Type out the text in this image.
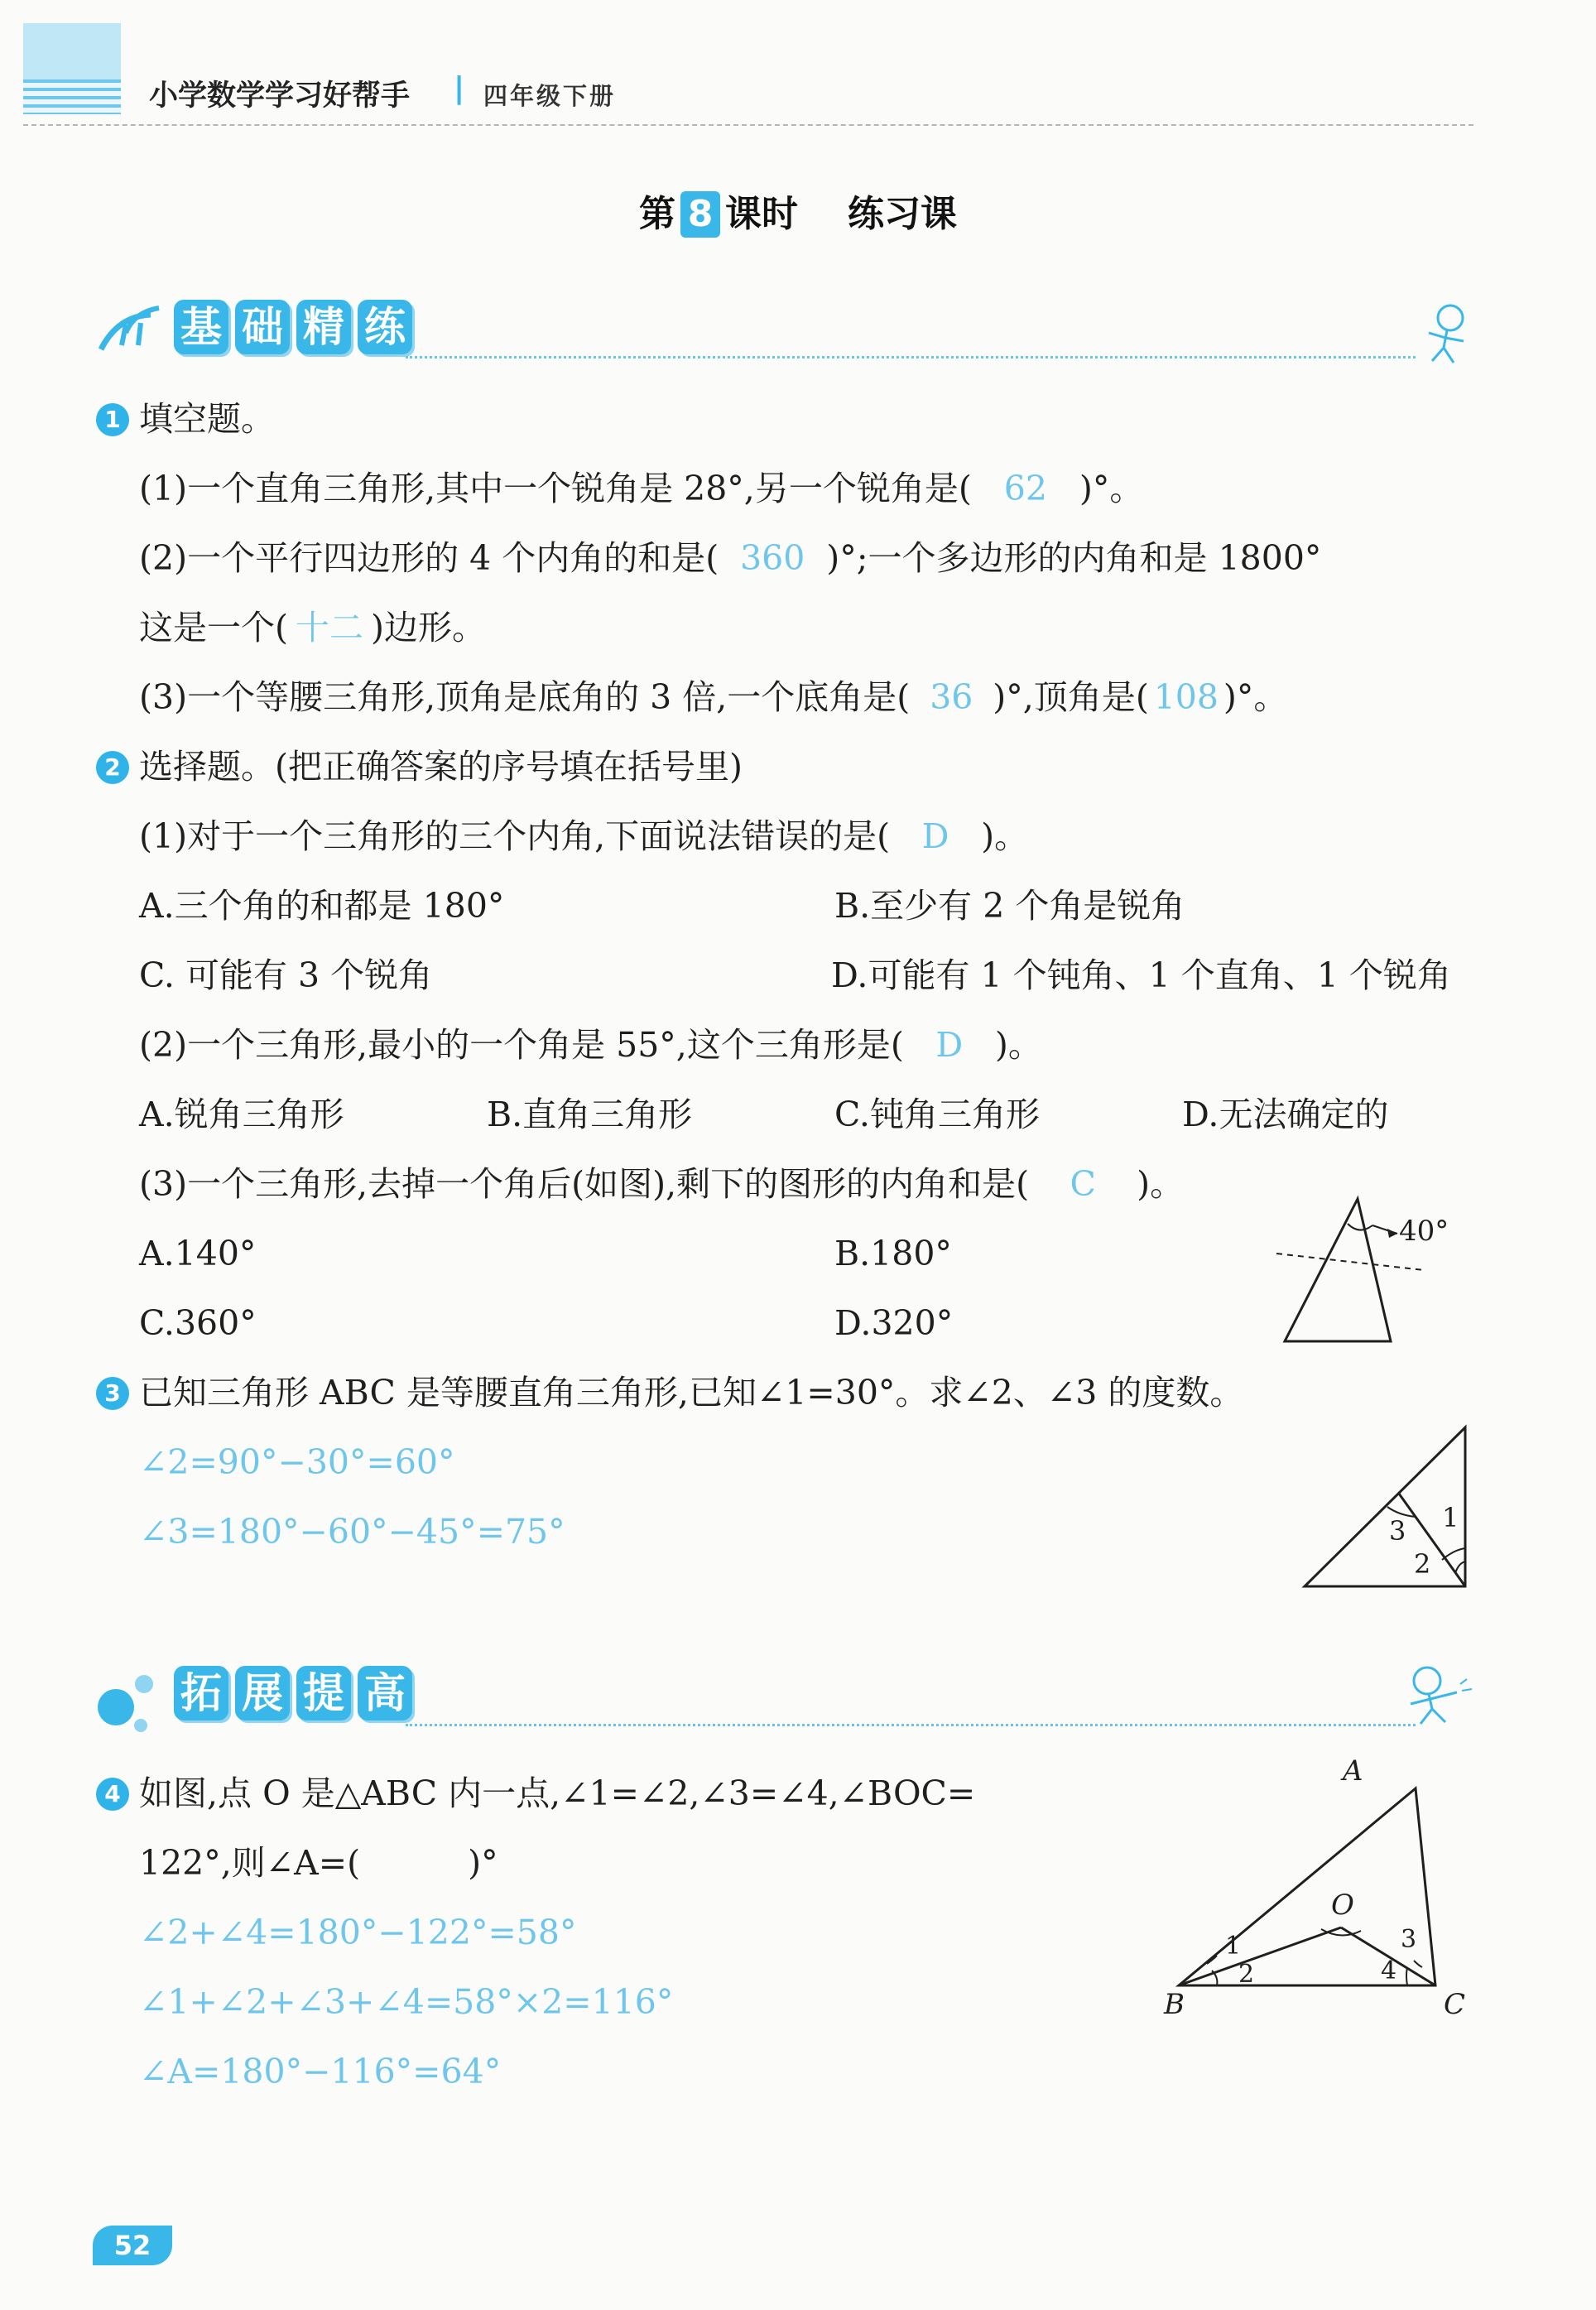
小学数学学习好帮手 | 四年级下册
第 8 课时 练习课
基 础 精 练
1 填空题。
(1)一个直角三角形,其中一个锐角是 28°,另一个锐角是( 62 )°。
(2)一个平行四边形的 4 个内角的和是( 360 )°;一个多边形的内角和是 1800°
这是一个( 十二 )边形。
(3)一个等腰三角形,顶角是底角的 3 倍,一个底角是( 36 )°,顶角是( 108 )°。
2 选择题。(把正确答案的序号填在括号里)
(1)对于一个三角形的三个内角,下面说法错误的是( D )。
A.三个角的和都是 180°	B.至少有 2 个角是锐角
C. 可能有 3 个锐角	D.可能有 1 个钝角、1 个直角、1 个锐角
(2)一个三角形,最小的一个角是 55°,这个三角形是( D )。
A.锐角三角形	B.直角三角形	C.钝角三角形	D.无法确定的
(3)一个三角形,去掉一个角后(如图),剩下的图形的内角和是( C )。
A.140°	B.180°
C.360°	D.320°
40°
3 已知三角形 ABC 是等腰直角三角形,已知∠1=30°。求∠2、∠3 的度数。
∠2=90°−30°=60°
∠3=180°−60°−45°=75°	3 1
2
拓 展 提 高
4 如图,点 O 是△ABC 内一点,∠1=∠2,∠3=∠4,∠BOC=
122°,则∠A=(	)°
∠2+∠4=180°−122°=58°
∠1+∠2+∠3+∠4=58°×2=116°
∠A=180°−116°=64°
A
B	C
O
1
2
3
4
52
